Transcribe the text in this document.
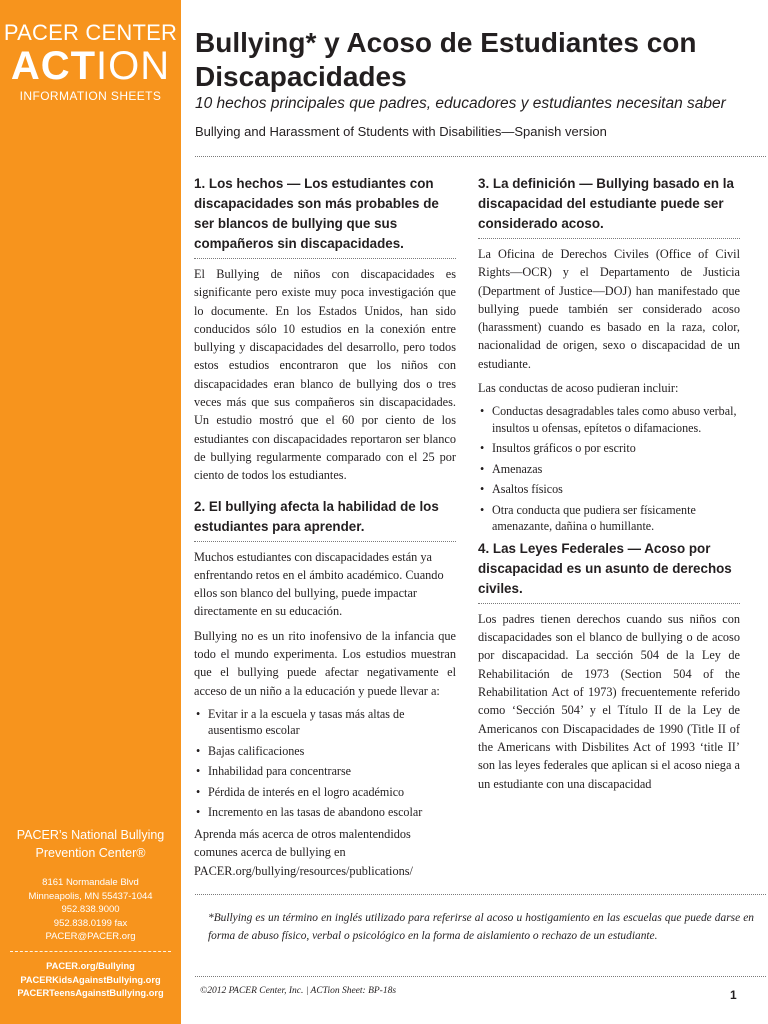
PACER CENTER
ACTION
INFORMATION SHEETS
PACER’s National Bullying
Prevention Center®
8161 Normandale Blvd
Minneapolis, MN 55437-1044
952.838.9000
952.838.0199 fax
PACER@PACER.org
PACER.org/Bullying
PACERKidsAgainstBullying.org
PACERTeensAgainstBullying.org
Bullying* y Acoso de Estudiantes con Discapacidades
10 hechos principales que padres, educadores y estudiantes necesitan saber
Bullying and Harassment of Students with Disabilities—Spanish version
1. Los hechos — Los estudiantes con discapacidades son más probables de ser blancos de bullying que sus compañeros sin discapacidades.

El Bullying de niños con discapacidades es significante pero existe muy poca investigación que lo documente. En los Estados Unidos, han sido conducidos sólo 10 estudios en la conexión entre bullying y discapacidades del desarrollo, pero todos estos estudios encontraron que los niños con discapacidades eran blanco de bullying dos o tres veces más que sus compañeros sin discapacidades. Un estudio mostró que el 60 por ciento de los estudiantes con discapacidades reportaron ser blanco de bullying regularmente comparado con el 25 por ciento de todos los estudiantes.

2. El bullying afecta la habilidad de los estudiantes para aprender.

Muchos estudiantes con discapacidades están ya enfrentando retos en el ámbito académico. Cuando ellos son blanco del bullying, puede impactar directamente en su educación.

Bullying no es un rito inofensivo de la infancia que todo el mundo experimenta. Los estudios muestran que el bullying puede afectar negativamente el acceso de un niño a la educación y puede llevar a:

• Evitar ir a la escuela y tasas más altas de ausentismo escolar
• Bajas calificaciones
• Inhabilidad para concentrarse
• Pérdida de interés en el logro académico
• Incremento en las tasas de abandono escolar

Aprenda más acerca de otros malentendidos comunes acerca de bullying en PACER.org/bullying/resources/publications/

3. La definición — Bullying basado en la discapacidad del estudiante puede ser considerado acoso.

La Oficina de Derechos Civiles (Office of Civil Rights—OCR) y el Departamento de Justicia (Department of Justice—DOJ) han manifestado que bullying puede también ser considerado acoso (harassment) cuando es basado en la raza, color, nacionalidad de origen, sexo o discapacidad de un estudiante.

Las conductas de acoso pudieran incluir:

• Conductas desagradables tales como abuso verbal, insultos u ofensas, epítetos o difamaciones.
• Insultos gráficos o por escrito
• Amenazas
• Asaltos físicos
• Otra conducta que pudiera ser físicamente amenazante, dañina o humillante.
4. Las Leyes Federales — Acoso por discapacidad es un asunto de derechos civiles.

Los padres tienen derechos cuando sus niños con discapacidades son el blanco de bullying o de acoso por discapacidad. La sección 504 de la Ley de Rehabilitación de 1973 (Section 504 of the Rehabilitation Act of 1973) frecuentemente referido como ‘Sección 504’ y el Título II de la Ley de Americanos con Discapacidades de 1990 (Title II of the Americans with Disbilites Act of 1993 ‘title II’ son las leyes federales que aplican si el acoso niega a un estudiante con una discapacidad

*Bullying es un término en inglés utilizado para referirse al acoso u hostigamiento en las escuelas que puede darse en forma de abuso físico, verbal o psicológico en la forma de aislamiento o rechazo de un estudiante.
©2012 PACER Center, Inc. | ACTion Sheet: BP-18s	1
